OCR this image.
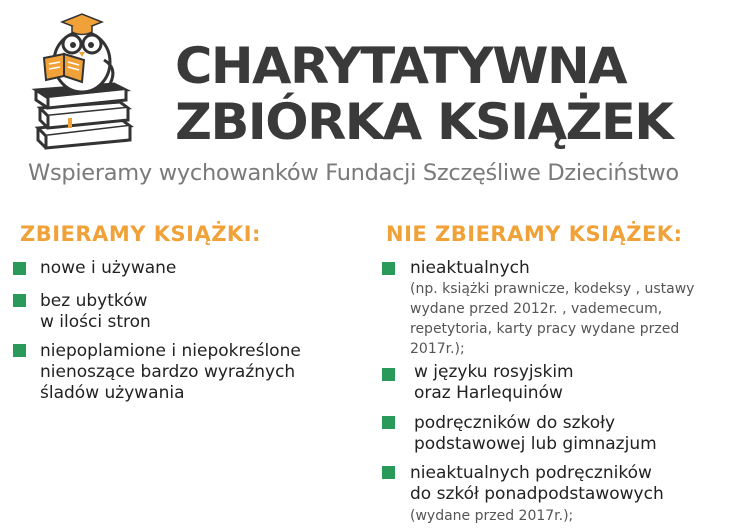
CHARYTATYWNA
ZBIÓRKA KSIĄŻEK
Wspieramy wychowanków Fundacji Szczęśliwe Dzieciństwo
ZBIERAMY KSIĄŻKI:
nowe i używane
bez ubytków
w ilości stron
niepoplamione i niepokreślone
nienoszące bardzo wyraźnych
śladów używania
NIE ZBIERAMY KSIĄŻEK:
nieaktualnych
(np. książki prawnicze, kodeksy , ustawy
wydane przed 2012r. , vademecum,
repetytoria, karty pracy wydane przed
2017r.);
w języku rosyjskim
oraz Harlequinów
podręczników do szkoły
podstawowej lub gimnazjum
nieaktualnych podręczników
do szkół ponadpodstawowych
(wydane przed 2017r.);
